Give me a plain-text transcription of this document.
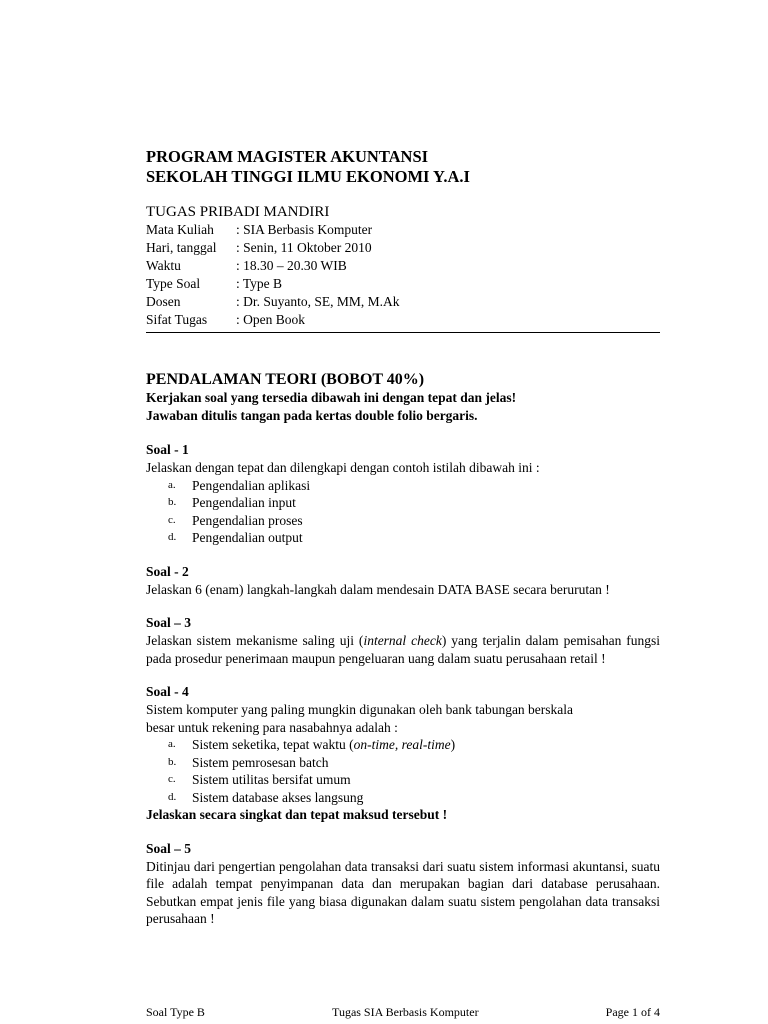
PROGRAM MAGISTER AKUNTANSI
SEKOLAH TINGGI ILMU EKONOMI Y.A.I
TUGAS PRIBADI MANDIRI
Mata Kuliah	: SIA Berbasis Komputer
Hari, tanggal	: Senin, 11 Oktober 2010
Waktu	: 18.30 – 20.30 WIB
Type Soal	: Type B
Dosen	: Dr. Suyanto, SE, MM, M.Ak
Sifat Tugas	: Open Book
PENDALAMAN TEORI (BOBOT 40%)
Kerjakan soal yang tersedia dibawah ini dengan tepat dan jelas!
Jawaban ditulis tangan pada kertas double folio bergaris.
Soal - 1

Jelaskan dengan tepat dan dilengkapi dengan contoh istilah dibawah ini :

a.	Pengendalian aplikasi
b.	Pengendalian input
c.	Pengendalian proses
d.	Pengendalian output
Soal - 2

Jelaskan 6 (enam) langkah-langkah dalam mendesain DATA BASE secara berurutan !

Soal – 3

Jelaskan sistem mekanisme saling uji (internal check) yang terjalin dalam pemisahan fungsi pada prosedur penerimaan maupun pengeluaran uang dalam suatu perusahaan retail !

Soal - 4

Sistem komputer yang paling mungkin digunakan oleh bank tabungan berskala

besar untuk rekening para nasabahnya adalah :

a.	Sistem seketika, tepat waktu (on-time, real-time)
b.	Sistem pemrosesan batch
c.	Sistem utilitas bersifat umum
d.	Sistem database akses langsung

Jelaskan secara singkat dan tepat maksud tersebut !

Soal – 5

Ditinjau dari pengertian pengolahan data transaksi dari suatu sistem informasi akuntansi, suatu file adalah tempat penyimpanan data dan merupakan bagian dari database perusahaan. Sebutkan empat jenis file yang biasa digunakan dalam suatu sistem pengolahan data transaksi perusahaan !

Soal Type B	Tugas SIA Berbasis Komputer	Page 1 of 4
